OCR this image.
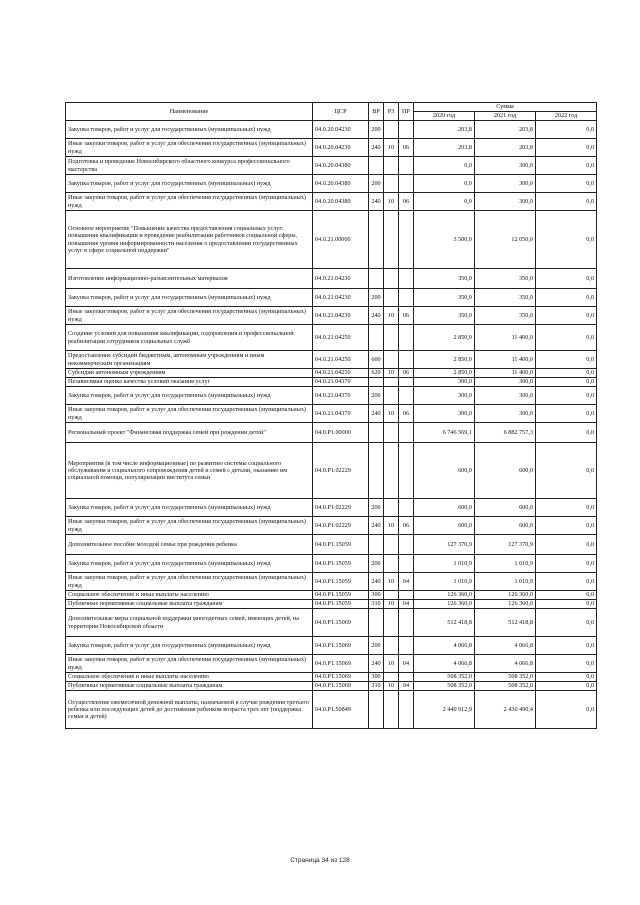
Наименование	ЦСР	ВР	РЗ	ПР	Сумма		
					2020 год	2021 год	2022 год
Закупка товаров, работ и услуг для государственных (муниципальных) нужд	04.0.20.04230	200			203,8	203,8	0,0
Иные закупки товаров, работ и услуг для обеспечения государственных (муниципальных) нужд	04.0.20.04230	240	10	06	203,8	203,8	0,0
Подготовка и проведение Новосибирского областного конкурса профессионального мастерства	04.0.20.04380				0,0	300,0	0,0
Закупка товаров, работ и услуг для государственных (муниципальных) нужд	04.0.20.04380	200			0,0	300,0	0,0
Иные закупки товаров, работ и услуг для обеспечения государственных (муниципальных) нужд	04.0.20.04380	240	10	06	0,0	300,0	0,0
Основное мероприятие "Повышение качества предоставления социальных услуг: повышение квалификации и проведение реабилитации работников социальной сферы, повышение уровня информированности населения о предоставлении государственных услуг в сфере социальной поддержки"	04.0.21.00000				3 500,0	12 050,0	0,0
Изготовление информационно-разъяснительных материалов	04.0.21.04230				350,0	350,0	0,0
Закупка товаров, работ и услуг для государственных (муниципальных) нужд	04.0.21.04230	200			350,0	350,0	0,0
Иные закупки товаров, работ и услуг для обеспечения государственных (муниципальных) нужд	04.0.21.04230	240	10	06	350,0	350,0	0,0
Создание условий для повышения квалификации, оздоровления и профессиональной реабилитации сотрудников социальных служб	04.0.21.04250				2 850,0	11 400,0	0,0
Предоставление субсидий бюджетным, автономным учреждениям и иным некоммерческим организациям	04.0.21.04250	600			2 850,0	11 400,0	0,0
Субсидии автономным учреждениям	04.0.21.04250	620	10	06	2 850,0	11 400,0	0,0
Независимая оценка качества условий оказания услуг	04.0.21.04370				300,0	300,0	0,0
Закупка товаров, работ и услуг для государственных (муниципальных) нужд	04.0.21.04370	200			300,0	300,0	0,0
Иные закупки товаров, работ и услуг для обеспечения государственных (муниципальных) нужд	04.0.21.04370	240	10	06	300,0	300,0	0,0
Региональный проект "Финансовая поддержка семей при рождении детей"	04.0.P1.00000				6 746 569,1	6 882 757,3	0,0
Мероприятия (в том числе информационные) по развитию системы социального обслуживания и социального сопровождения детей и семей с детьми, оказанию им социальной помощи, популяризации института семьи	04.0.P1.02229				600,0	600,0	0,0
Закупка товаров, работ и услуг для государственных (муниципальных) нужд	04.0.P1.02229	200			600,0	600,0	0,0
Иные закупки товаров, работ и услуг для обеспечения государственных (муниципальных) нужд	04.0.P1.02229	240	10	06	600,0	600,0	0,0
Дополнительное пособие молодой семье при рождении ребенка	04.0.P1.15059				127 370,9	127 370,9	0,0
Закупка товаров, работ и услуг для государственных (муниципальных) нужд	04.0.P1.15059	200			1 010,9	1 010,9	0,0
Иные закупки товаров, работ и услуг для обеспечения государственных (муниципальных) нужд	04.0.P1.15059	240	10	04	1 010,9	1 010,9	0,0
Социальное обеспечение и иные выплаты населению	04.0.P1.15059	300			126 360,0	126 360,0	0,0
Публичные нормативные социальные выплаты гражданам	04.0.P1.15059	310	10	04	126 360,0	126 360,0	0,0
Дополнительные меры социальной поддержки многодетных семей, имеющих детей, на территории Новосибирской области	04.0.P1.15069				512 418,8	512 418,8	0,0
Закупка товаров, работ и услуг для государственных (муниципальных) нужд	04.0.P1.15069	200			4 066,8	4 066,8	0,0
Иные закупки товаров, работ и услуг для обеспечения государственных (муниципальных) нужд	04.0.P1.15069	240	10	04	4 066,8	4 066,8	0,0
Социальное обеспечение и иные выплаты населению	04.0.P1.15069	300			508 352,0	508 352,0	0,0
Публичные нормативные социальные выплаты гражданам	04.0.P1.15069	310	10	04	508 352,0	508 352,0	0,0
Осуществление ежемесячной денежной выплаты, назначаемой в случае рождения третьего ребенка или последующих детей до достижения ребенком возраста трех лет (поддержка семьи и детей)	04.0.P1.50849				2 440 912,9	2 430 490,4	0,0
Страница 34 из 128
